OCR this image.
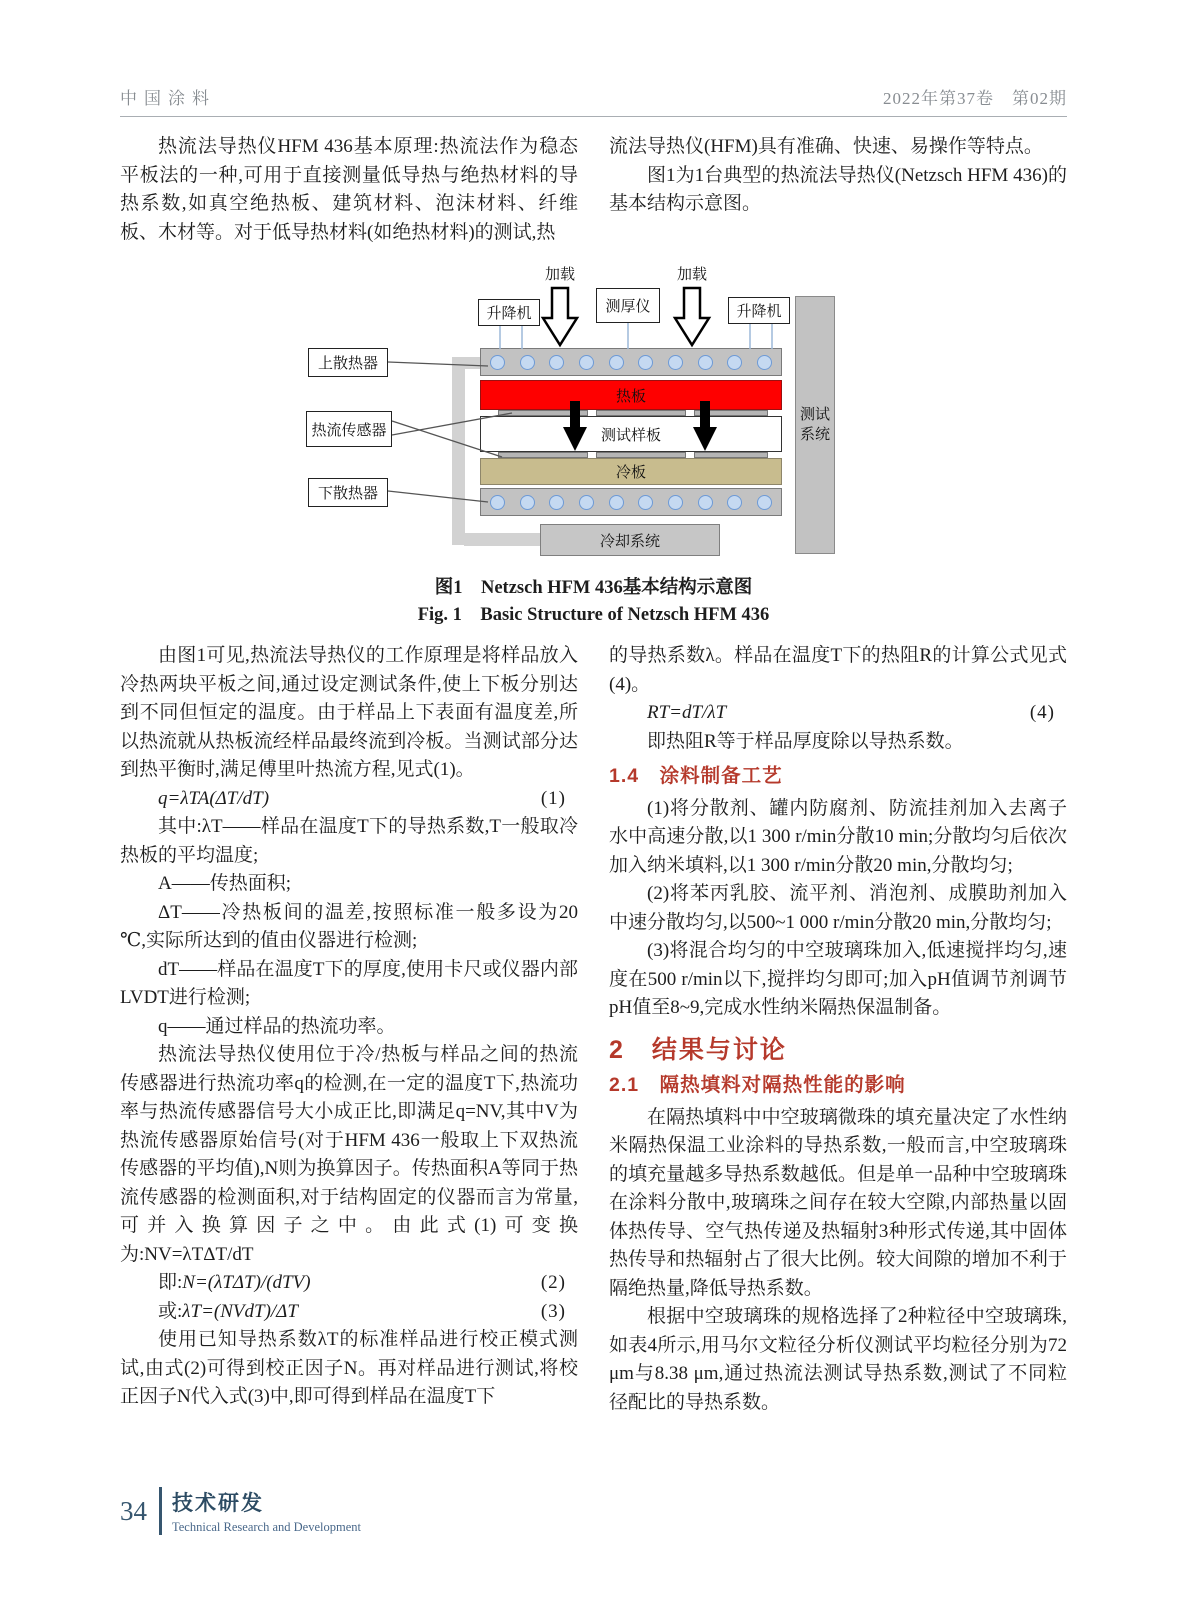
中国涂料	2022年第37卷　第02期

热流法导热仪HFM 436基本原理:热流法作为稳态平板法的一种,可用于直接测量低导热与绝热材料的导热系数,如真空绝热板、建筑材料、泡沫材料、纤维板、木材等。对于低导热材料(如绝热材料)的测试,热

流法导热仪(HFM)具有准确、快速、易操作等特点。

图1为1台典型的热流法导热仪(Netzsch HFM 436)的基本结构示意图。

加载	加载
升降机	升降机
测厚仪
上散热器
热流传感器
下散热器
热板
测试样板
冷板
冷却系统
测试系统
图1　Netzsch HFM 436基本结构示意图
Fig. 1　Basic Structure of Netzsch HFM 436

由图1可见,热流法导热仪的工作原理是将样品放入冷热两块平板之间,通过设定测试条件,使上下板分别达到不同但恒定的温度。由于样品上下表面有温度差,所以热流就从热板流经样品最终流到冷板。当测试部分达到热平衡时,满足傅里叶热流方程,见式(1)。

q=λTA(ΔT/dT)	(1)

其中:λT——样品在温度T下的导热系数,T一般取冷热板的平均温度;

A——传热面积;

ΔT——冷热板间的温差,按照标准一般多设为20 ℃,实际所达到的值由仪器进行检测;

dT——样品在温度T下的厚度,使用卡尺或仪器内部LVDT进行检测;

q——通过样品的热流功率。

热流法导热仪使用位于冷/热板与样品之间的热流传感器进行热流功率q的检测,在一定的温度T下,热流功率与热流传感器信号大小成正比,即满足q=NV,其中V为热流传感器原始信号(对于HFM 436一般取上下双热流传感器的平均值),N则为换算因子。传热面积A等同于热流传感器的检测面积,对于结构固定的仪器而言为常量,可并入换算因子之中。由此式(1)可变换为:NV=λTΔT/dT

即:N=(λTΔT)/(dTV)	(2)
或:λT=(NVdT)/ΔT	(3)

使用已知导热系数λT的标准样品进行校正模式测试,由式(2)可得到校正因子N。再对样品进行测试,将校正因子N代入式(3)中,即可得到样品在温度T下

的导热系数λ。样品在温度T下的热阻R的计算公式见式(4)。

RT=dT/λT	(4)

即热阻R等于样品厚度除以导热系数。

1.4　涂料制备工艺

(1)将分散剂、罐内防腐剂、防流挂剂加入去离子水中高速分散,以1 300 r/min分散10 min;分散均匀后依次加入纳米填料,以1 300 r/min分散20 min,分散均匀;

(2)将苯丙乳胶、流平剂、消泡剂、成膜助剂加入中速分散均匀,以500~1 000 r/min分散20 min,分散均匀;

(3)将混合均匀的中空玻璃珠加入,低速搅拌均匀,速度在500 r/min以下,搅拌均匀即可;加入pH值调节剂调节pH值至8~9,完成水性纳米隔热保温制备。

2　结果与讨论
2.1　隔热填料对隔热性能的影响

在隔热填料中中空玻璃微珠的填充量决定了水性纳米隔热保温工业涂料的导热系数,一般而言,中空玻璃珠的填充量越多导热系数越低。但是单一品种中空玻璃珠在涂料分散中,玻璃珠之间存在较大空隙,内部热量以固体热传导、空气热传递及热辐射3种形式传递,其中固体热传导和热辐射占了很大比例。较大间隙的增加不利于隔绝热量,降低导热系数。

根据中空玻璃珠的规格选择了2种粒径中空玻璃珠,如表4所示,用马尔文粒径分析仪测试平均粒径分别为72 μm与8.38 μm,通过热流法测试导热系数,测试了不同粒径配比的导热系数。

34 技术研发
Technical Research and Development
